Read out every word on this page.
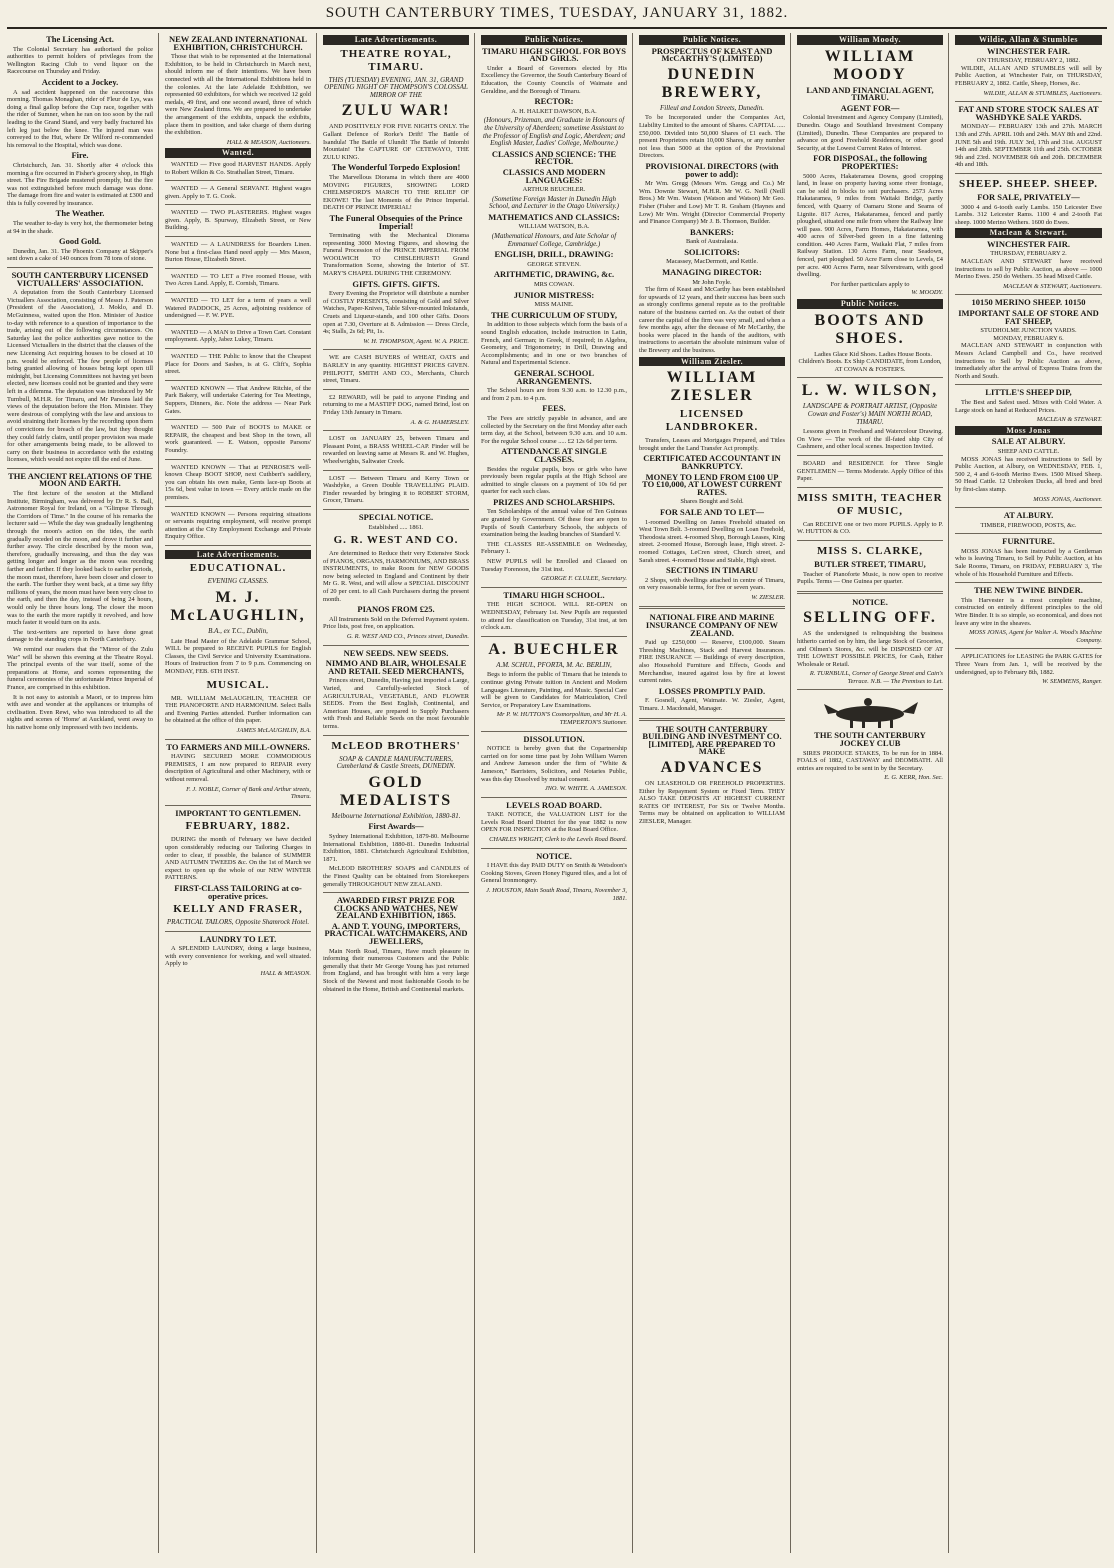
SOUTH CANTERBURY TIMES, TUESDAY, JANUARY 31, 1882.
The Licensing Act.

The Colonial Secretary has authorised the police authorities to permit holders of privileges from the Wellington Racing Club to vend liquor on the Racecourse on Thursday and Friday.

Accident to a Jockey.

A sad accident happened on the racecourse this morning. Thomas Monaghan, rider of Fleur de Lys, was doing a final gallop before the Cup race, together with the rider of Sumner, when he ran on too soon by the rail leading to the Grand Stand, and very badly fractured his left leg just below the knee. The injured man was conveyed to the Hut, where Dr Wilford re-commended his removal to the Hospital, which was done.

Fire.

Christchurch, Jan. 31. Shortly after 4 o'clock this morning a fire occurred in Fisher's grocery shop, in High street. The Fire Brigade mustered promptly, but the fire was not extinguished before much damage was done. The damage from fire and water is estimated at £300 and this is fully covered by insurance.

The Weather.

The weather to-day is very hot, the thermometer being at 94 in the shade.

Good Gold.

Dunedin, Jan. 31. The Phoenix Company at Skipper's sent down a cake of 140 ounces from 78 tons of stone.

SOUTH CANTERBURY LICENSED VICTUALLERS' ASSOCIATION.

A deputation from the South Canterbury Licensed Victuallers Association, consisting of Messrs J. Paterson (President of the Association), J. Moklo, and D. McGuinness, waited upon the Hon. Minister of Justice to-day with reference to a question of importance to the trade, arising out of the following circumstances. On Saturday last the police authorities gave notice to the Licensed Victuallers in the district that the clauses of the new Licensing Act requiring houses to be closed at 10 p.m. would be enforced. The few people of licenses being granted allowing of houses being kept open till midnight, but Licensing Committees not having yet been elected, new licenses could not be granted and they were left in a dilemma. The deputation was introduced by Mr Turnbull, M.H.R. for Timaru, and Mr Parsons laid the views of the deputation before the Hon. Minister. They were desirous of complying with the law and anxious to avoid straining their licenses by the recording upon them of convictions for breach of the law, but they thought they could fairly claim, until proper provision was made for other arrangements being made, to be allowed to carry on their business in accordance with the existing licenses, which would not expire till the end of June.

THE ANCIENT RELATIONS OF THE MOON AND EARTH.

The first lecture of the session at the Midland Institute, Birmingham, was delivered by Dr R. S. Ball, Astronomer Royal for Ireland, on a "Glimpse Through the Corridors of Time." In the course of his remarks the lecturer said — While the day was gradually lengthening through the moon's action on the tides, the earth gradually receded on the moon, and drove it further and further away. The circle described by the moon was, therefore, gradually increasing, and thus the day was getting longer and longer as the moon was receding farther and farther. If they looked back to earlier periods, the moon must, therefore, have been closer and closer to the earth. The further they went back, at a time say fifty millions of years, the moon must have been very close to the earth, and then the day, instead of being 24 hours, would only be three hours long. The closer the moon was to the earth the more rapidly it revolved, and how much faster it would turn on its axis.

The text-writers are reported to have done great damage to the standing crops in North Canterbury.

We remind our readers that the "Mirror of the Zulu War" will be shown this evening at the Theatre Royal. The principal events of the war itself, some of the preparations at Home, and scenes representing the funeral ceremonies of the unfortunate Prince Imperial of France, are comprised in this exhibition.

It is not easy to astonish a Maori, or to impress him with awe and wonder at the appliances or triumphs of civilisation. Even Rewi, who was introduced to all the sights and scenes of 'Home' at Auckland, went away to his native home only impressed with two incidents.

NEW ZEALAND INTERNATIONAL EXHIBITION, CHRISTCHURCH.

Those that wish to be represented at the International Exhibition, to be held in Christchurch in March next, should inform me of their intentions. We have been connected with all the International Exhibitions held in the colonies. At the late Adelaide Exhibition, we represented 60 exhibitors, for which we received 12 gold medals, 49 first, and one second award, three of which were New Zealand firms. We are prepared to undertake the arrangement of the exhibits, unpack the exhibits, place them in position, and take charge of them during the exhibition.

HALL & MEASON, Auctioneers.
Wanted.

WANTED — Five good HARVEST HANDS. Apply to Robert Wilkin & Co. Strathallan Street, Timaru.

WANTED — A General SERVANT. Highest wages given. Apply to T. G. Cook.

WANTED — TWO PLASTERERS. Highest wages given. Apply, B. Spurway, Elizabeth Street, or New Building.

WANTED — A LAUNDRESS for Boarders Linen. None but a first-class Hand need apply — Mrs Mason, Burton House, Elizabeth Street.

WANTED — TO LET a Five roomed House, with Two Acres Land. Apply, E. Cornish, Timaru.

WANTED — TO LET for a term of years a well Watered PADDOCK, 25 Acres, adjoining residence of undersigned — F. W. PYE.

WANTED — A MAN to Drive a Town Cart. Constant employment. Apply, Jabez Lukey, Timaru.

WANTED — THE Public to know that the Cheapest Place for Doors and Sashes, is at G. Clift's, Sophia street.

WANTED KNOWN — That Andrew Ritchie, of the Park Bakery, will undertake Catering for Tea Meetings, Suppers, Dinners, &c. Note the address — Near Park Gates.

WANTED — 500 Pair of BOOTS to MAKE or REPAIR, the cheapest and best Shop in the town, all work guaranteed. — E. Watson, opposite Parsons' Foundry.

WANTED KNOWN — That at PENROSE'S well-known Cheap BOOT SHOP, next Cuthbert's saddlery, you can obtain his own make, Gents lace-up Boots at 15s 6d, best value in town — Every article made on the premises.

WANTED KNOWN — Persons requiring situations or servants requiring employment, will receive prompt attention at the City Employment Exchange and Private Enquiry Office.

Late Advertisements.
EDUCATIONAL.
EVENING CLASSES.
M. J. McLAUGHLIN,
B.A., ex T.C., Dublin,

Late Head Master of the Adelaide Grammar School, WILL be prepared to RECEIVE PUPILS for English Classes, the Civil Service and University Examinations. Hours of Instruction from 7 to 9 p.m. Commencing on MONDAY, FEB. 6TH INST.

MUSICAL.

MR. WILLIAM McLAUGHLIN, TEACHER OF THE PIANOFORTE AND HARMONIUM. Select Balls and Evening Parties attended. Further information can be obtained at the office of this paper.

JAMES McLAUGHLIN, B.A.
TO FARMERS AND MILL-OWNERS.

HAVING SECURED MORE COMMODIOUS PREMISES, I am now prepared to REPAIR every description of Agricultural and other Machinery, with or without removal.

F. J. NOBLE, Corner of Bank and Arthur streets, Timaru.
IMPORTANT TO GENTLEMEN.
FEBRUARY, 1882.

DURING the month of February we have decided upon considerably reducing our Tailoring Charges in order to clear, if possible, the balance of SUMMER AND AUTUMN TWEEDS &c. On the 1st of March we expect to open up the whole of our NEW WINTER PATTERNS.

FIRST-CLASS TAILORING at co-operative prices.
KELLY AND FRASER,
PRACTICAL TAILORS, Opposite Shamrock Hotel.
LAUNDRY TO LET.

A SPLENDID LAUNDRY, doing a large business, with every convenience for working, and well situated. Apply to

HALL & MEASON.
Late Advertisements.
THEATRE ROYAL, TIMARU.
THIS (TUESDAY) EVENING, JAN. 31, GRAND OPENING NIGHT OF THOMPSON'S COLOSSAL MIRROR OF THE
ZULU WAR!

AND POSITIVELY FOR FIVE NIGHTS ONLY. The Gallant Defence of Rorke's Drift! The Battle of Isandula! The Battle of Ulundi! The Battle of Intombi Mountain! The CAPTURE OF CETEWAYO, THE ZULU KING.

The Wonderful Torpedo Explosion!

The Marvellous Diorama in which there are 4000 MOVING FIGURES, SHOWING LORD CHELMSFORD'S MARCH TO THE RELIEF OF EKOWE! The last Moments of the Prince Imperial. DEATH OF PRINCE IMPERIAL!

The Funeral Obsequies of the Prince Imperial!

Terminating with the Mechanical Diorama representing 3000 Moving Figures, and showing the Funeral Procession of the PRINCE IMPERIAL FROM WOOLWICH TO CHISLEHURST! Grand Transformation Scene, showing the Interior of ST. MARY'S CHAPEL DURING THE CEREMONY.

GIFTS. GIFTS. GIFTS.

Every Evening the Proprietor will distribute a number of COSTLY PRESENTS, consisting of Gold and Silver Watches, Paper-Knives, Table Silver-mounted Inkstands, Cruets and Liqueur-stands, and 100 other Gifts. Doors open at 7.30, Overture at 8. Admission — Dress Circle, 4s; Stalls, 2s 6d; Pit, 1s.

W. H. THOMPSON, Agent. W. A. PRICE.

WE are CASH BUYERS of WHEAT, OATS and BARLEY in any quantity. HIGHEST PRICES GIVEN. PHILPOTT, SMITH AND CO., Merchants, Church street, Timaru.

£2 REWARD, will be paid to anyone Finding and returning to me a MASTIFF DOG, named Brind, lost on Friday 13th January in Timaru.

A. & G. HAMERSLEY.

LOST on JANUARY 25, between Timaru and Pleasant Point, a BRASS WHEEL-CAP. Finder will be rewarded on leaving same at Messrs R. and W. Hughes, Wheelwrights, Saltwater Creek.

LOST — Between Timaru and Kerry Town or Washdyke, a Green Double TRAVELLING PLAID. Finder rewarded by bringing it to ROBERT STORM, Grocer, Timaru.

SPECIAL NOTICE.
Established ..... 1861.
G. R. WEST AND CO.

Are determined to Reduce their very Extensive Stock of PIANOS, ORGANS, HARMONIUMS, AND BRASS INSTRUMENTS, to make Room for NEW GOODS now being selected in England and Continent by their Mr G. R. West, and will allow a SPECIAL DISCOUNT of 20 per cent. to all Cash Purchasers during the present month.

PIANOS FROM £25.

All Instruments Sold on the Deferred Payment system. Price lists, post free, on application.

G. R. WEST AND CO., Princes street, Dunedin.
NEW SEEDS. NEW SEEDS.
NIMMO AND BLAIR, WHOLESALE AND RETAIL SEED MERCHANTS,

Princes street, Dunedin, Having just imported a Large, Varied, and Carefully-selected Stock of AGRICULTURAL, VEGETABLE, AND FLOWER SEEDS. From the Best English, Continental, and American Houses, are prepared to Supply Purchasers with Fresh and Reliable Seeds on the most favourable terms.

McLEOD BROTHERS'
SOAP & CANDLE MANUFACTURERS, Cumberland & Castle Streets, DUNEDIN.
GOLD MEDALISTS
Melbourne International Exhibition, 1880-81.
First Awards—

Sydney International Exhibition, 1879-80. Melbourne International Exhibition, 1880-81. Dunedin Industrial Exhibition, 1881. Christchurch Agricultural Exhibition, 1871.

McLEOD BROTHERS' SOAPS and CANDLES of the Finest Quality can be obtained from Storekeepers generally THROUGHOUT NEW ZEALAND.

AWARDED FIRST PRIZE FOR CLOCKS AND WATCHES, NEW ZEALAND EXHIBITION, 1865.
A. AND T. YOUNG, IMPORTERS, PRACTICAL WATCHMAKERS, AND JEWELLERS,

Main North Road, Timaru, Have much pleasure in informing their numerous Customers and the Public generally that their Mr George Young has just returned from England, and has brought with him a very large Stock of the Newest and most fashionable Goods to be obtained in the Home, British and Continental markets.

Public Notices.
TIMARU HIGH SCHOOL FOR BOYS AND GIRLS.

Under a Board of Governors elected by His Excellency the Governor, the South Canterbury Board of Education, the County Councils of Waimate and Geraldine, and the Borough of Timaru.

RECTOR:
A. H. HALKET DAWSON, B.A.
(Honours, Prizeman, and Graduate in Honours of the University of Aberdeen; sometime Assistant to the Professor of English and Logic, Aberdeen; and English Master, Ladies' College, Melbourne.)
CLASSICS AND SCIENCE: THE RECTOR.
CLASSICS AND MODERN LANGUAGES:
ARTHUR BEUCHLER.
(Sometime Foreign Master in Dunedin High School, and Lecturer in the Otago University.)
MATHEMATICS AND CLASSICS:
WILLIAM WATSON, B.A.
(Mathematical Honours, and late Scholar of Emmanuel College, Cambridge.)
ENGLISH, DRILL, DRAWING:
GEORGE STEVEN.
ARITHMETIC, DRAWING, &c.
MRS COWAN.
JUNIOR MISTRESS:
MISS MAINE.
THE CURRICULUM OF STUDY,

In addition to those subjects which form the basis of a sound English education, include instruction in Latin, French, and German; in Greek, if required; in Algebra, Geometry, and Trigonometry; in Drill, Drawing and Accomplishments; and in one or two branches of Natural and Experimental Science.

GENERAL SCHOOL ARRANGEMENTS.

The School hours are from 9.30 a.m. to 12.30 p.m., and from 2 p.m. to 4 p.m.

FEES.

The Fees are strictly payable in advance, and are collected by the Secretary on the first Monday after each term day, at the School, between 9.30 a.m. and 10 a.m. For the regular School course ..... £2 12s 6d per term.

ATTENDANCE AT SINGLE CLASSES.

Besides the regular pupils, boys or girls who have previously been regular pupils at the High School are admitted to single classes on a payment of 10s 6d per quarter for each such class.

PRIZES AND SCHOLARSHIPS.

Ten Scholarships of the annual value of Ten Guineas are granted by Government. Of these four are open to Pupils of South Canterbury Schools, the subjects of examination being the leading branches of Standard V.

THE CLASSES RE-ASSEMBLE on Wednesday, February 1.

NEW PUPILS will be Enrolled and Classed on Tuesday Forenoon, the 31st inst.

GEORGE F. CLULEE, Secretary.
TIMARU HIGH SCHOOL.

THE HIGH SCHOOL WILL RE-OPEN on WEDNESDAY, February 1st. New Pupils are requested to attend for classification on Tuesday, 31st inst, at ten o'clock a.m.

A. BUECHLER
A.M. SCHUL, PFORTA, M. Ac. BERLIN,

Begs to inform the public of Timaru that he intends to continue giving Private tuition in Ancient and Modern Languages Literature, Painting, and Music. Special Care will be given to Candidates for Matriculation, Civil Service, or Preparatory Law Examinations.

Mr P. W. HUTTON'S Cosmorpolitan, and Mr H. A. TEMPERTON'S Stationer.
DISSOLUTION.

NOTICE is hereby given that the Copartnership carried on for some time past by John William Warren and Andrew Jameson under the firm of "White & Jameson," Barristers, Solicitors, and Notaries Public, was this day Dissolved by mutual consent.

JNO. W. WHITE. A. JAMESON.
LEVELS ROAD BOARD.

TAKE NOTICE, the VALUATION LIST for the Levels Road Board District for the year 1882 is now OPEN FOR INSPECTION at the Road Board Office.

CHARLES WRIGHT, Clerk to the Levels Road Board.
NOTICE.

I HAVE this day PAID DUTY on Smith & Wetsdoon's Cooking Stoves, Green Honey Figured tiles, and a lot of General Ironmongery.

J. HOUSTON, Main South Road, Timaru, November 3, 1881.
Public Notices.
PROSPECTUS OF KEAST AND McCARTHY'S (LIMITED)
DUNEDIN BREWERY,
Filleul and London Streets, Dunedin.

To be Incorporated under the Companies Act, Liability Limited to the amount of Shares. CAPITAL ..... £50,000. Divided into 50,000 Shares of £1 each. The present Proprietors retain 10,000 Shares, or any number not less than 5000 at the option of the Provisional Directors.

PROVISIONAL DIRECTORS (with power to add):

Mr Wm. Gregg (Messrs Wm. Gregg and Co.) Mr Wm. Downie Stewart, M.H.R. Mr W. G. Neill (Neill Bros.) Mr Wm. Watson (Watson and Watson) Mr Geo. Fisher (Fisher and Low) Mr T. R. Graham (Haynes and Low) Mr Wm. Wright (Director Commercial Property and Finance Company) Mr J. B. Thomson, Builder.

BANKERS:
Bank of Australasia.
SOLICITORS:
Macassey, MacDermott, and Kettle.
MANAGING DIRECTOR:
Mr John Foyle.

The firm of Keast and McCarthy has been established for upwards of 12 years, and their success has been such as strongly confirms general repute as to the profitable nature of the business carried on. As the outset of their career the capital of the firm was very small, and when a few months ago, after the decease of Mr McCarthy, the books were placed in the hands of the auditors, with instructions to ascertain the absolute minimum value of the Brewery and the business.

William Ziesler.
WILLIAM ZIESLER
LICENSED LANDBROKER.

Transfers, Leases and Mortgages Prepared, and Titles brought under the Land Transfer Act promptly.

CERTIFICATED ACCOUNTANT IN BANKRUPTCY.
MONEY TO LEND FROM £100 UP TO £10,000, AT LOWEST CURRENT RATES.
Shares Bought and Sold.
FOR SALE AND TO LET—

1-roomed Dwelling on James Freehold situated on West Town Belt. 3-roomed Dwelling on Loan Freehold, Theodosia street. 4-roomed Shop, Borough Leases, King street. 2-roomed House, Borough lease, High street. 2-roomed Cottages, LeCren street, Church street, and Sarah street. 4-roomed House and Stable, High street.

SECTIONS IN TIMARU

2 Shops, with dwellings attached in centre of Timaru, on very reasonable terms, for five or seven years.

W. ZIESLER.
NATIONAL FIRE AND MARINE INSURANCE COMPANY OF NEW ZEALAND.

Paid up £250,000 — Reserve, £100,000. Steam Threshing Machines, Stack and Harvest Insurances. FIRE INSURANCE — Buildings of every description, also Household Furniture and Effects, Goods and Merchandise, insured against loss by fire at lowest current rates.

LOSSES PROMPTLY PAID.

F. Gosnell, Agent, Waimate. W. Ziesler, Agent, Timaru. J. Macdonald, Manager.

THE SOUTH CANTERBURY BUILDING AND INVESTMENT CO. [LIMITED], ARE PREPARED TO MAKE
ADVANCES

ON LEASEHOLD OR FREEHOLD PROPERTIES. Either by Repayment System or Fixed Term. THEY ALSO TAKE DEPOSITS AT HIGHEST CURRENT RATES OF INTEREST, For Six or Twelve Months. Terms may be obtained on application to WILLIAM ZIESLER, Manager.

William Moody.
WILLIAM MOODY
LAND AND FINANCIAL AGENT, TIMARU.
AGENT FOR—

Colonial Investment and Agency Company (Limited), Dunedin. Otago and Southland Investment Company (Limited), Dunedin. These Companies are prepared to advance on good Freehold Residences, or other good Security, at the Lowest Current Rates of Interest.

FOR DISPOSAL, the following PROPERTIES:

5000 Acres, Hakateramea Downs, good cropping land, in lease on property having some river frontage, can be sold in blocks to suit purchasers. 2573 Acres Hakataramea, 9 miles from Waitaki Bridge, partly fenced, with Quarry of Oamaru Stone and Seams of Lignite. 817 Acres, Hakataramea, fenced and partly ploughed, situated one mile from where the Railway line will pass. 900 Acres, Farm Homes, Hakataramea, with 400 acres of Silver-bed green in a fine fattening condition. 440 Acres Farm, Waikaki Flat, 7 miles from Railway Station. 130 Acres Farm, near Seadown, fenced, part ploughed. 50 Acre Farm close to Levels, £4 per acre. 400 Acres Farm, near Silverstream, with good dwelling.

For further particulars apply to
W. MOODY.
Public Notices.
BOOTS AND SHOES.

Ladies Glace Kid Shoes. Ladies House Boots. Children's Boots. Ex Ship CANDIDATE, from London, AT COWAN & FOSTER'S.

L. W. WILSON,
LANDSCAPE & PORTRAIT ARTIST, (Opposite Cowan and Foster's) MAIN NORTH ROAD, TIMARU.

Lessons given in Freehand and Watercolour Drawing. On View — The work of the ill-fated ship City of Cashmere, and other local scenes. Inspection Invited.

BOARD and RESIDENCE for Three Single GENTLEMEN — Terms Moderate. Apply Office of this Paper.

MISS SMITH, TEACHER OF MUSIC,

Can RECEIVE one or two more PUPILS. Apply to P. W. HUTTON & CO.

MISS S. CLARKE,
BUTLER STREET, TIMARU,

Teacher of Pianoforte Music, is now open to receive Pupils. Terms — One Guinea per quarter.

NOTICE.
SELLING OFF.

AS the undersigned is relinquishing the business hitherto carried on by him, the large Stock of Groceries, and Oilmen's Stores, &c. will be DISPOSED OF AT THE LOWEST POSSIBLE PRICES, for Cash, Either Wholesale or Retail.

R. TURNBULL, Corner of George Street and Cain's Terrace. N.B. — The Premises to Let.
THE SOUTH CANTERBURY JOCKEY CLUB

SIRES PRODUCE STAKES, To be run for in 1884. FOALS of 1882, CASTAWAY and DEOMBATH. All entries are required to be sent in by the Secretary.

E. G. KERR, Hon. Sec.
Wildie, Allan & Stumbles
WINCHESTER FAIR.
ON THURSDAY, FEBRUARY 2, 1882.

WILDIE, ALLAN AND STUMBLES will sell by Public Auction, at Winchester Fair, on THURSDAY, FEBRUARY 2, 1882. Cattle, Sheep, Horses, &c.

WILDIE, ALLAN & STUMBLES, Auctioneers.
FAT AND STORE STOCK SALES AT WASHDYKE SALE YARDS.

MONDAY— FEBRUARY 13th and 27th. MARCH 13th and 27th. APRIL 10th and 24th. MAY 8th and 22nd. JUNE 5th and 19th. JULY 3rd, 17th and 31st. AUGUST 14th and 28th. SEPTEMBER 11th and 25th. OCTOBER 9th and 23rd. NOVEMBER 6th and 20th. DECEMBER 4th and 18th.

SHEEP. SHEEP. SHEEP.
FOR SALE, PRIVATELY—

3000 4 and 6-tooth early Lambs. 150 Leicester Ewe Lambs. 312 Leicester Rams. 1100 4 and 2-tooth Fat sheep. 1000 Merino Wethers. 1600 do Ewes.

Maclean & Stewart.
WINCHESTER FAIR.
THURSDAY, FEBRUARY 2.

MACLEAN AND STEWART have received instructions to sell by Public Auction, as above — 1000 Merino Ewes. 250 do Wethers. 35 head Mixed Cattle.

MACLEAN & STEWART, Auctioneers.
10150 MERINO SHEEP. 10150
IMPORTANT SALE OF STORE AND FAT SHEEP,
STUDHOLME JUNCTION YARDS.
MONDAY, FEBRUARY 6.

MACLEAN AND STEWART in conjunction with Messrs Acland Campbell and Co., have received instructions to Sell by Public Auction as above, immediately after the arrival of Express Trains from the North and South.

LITTLE'S SHEEP DIP,

The Best and Safest used. Mixes with Cold Water. A Large stock on hand at Reduced Prices.

MACLEAN & STEWART.
Moss Jonas
SALE AT ALBURY.
SHEEP AND CATTLE.

MOSS JONAS has received instructions to Sell by Public Auction, at Albury, on WEDNESDAY, FEB. 1, 500 2, 4 and 6-tooth Merino Ewes. 1500 Mixed Sheep. 50 Head Cattle. 12 Unbroken Ducks, all bred and bred by first-class stamp.

MOSS JONAS, Auctioneer.
AT ALBURY.
TIMBER, FIREWOOD, POSTS, &c.
FURNITURE.

MOSS JONAS has been instructed by a Gentleman who is leaving Timaru, to Sell by Public Auction, at his Sale Rooms, Timaru, on FRIDAY, FEBRUARY 3, The whole of his Household Furniture and Effects.

THE NEW TWINE BINDER.

This Harvester is a most complete machine, constructed on entirely different principles to the old Wire Binder. It is so simple, so economical, and does not leave any wire in the sheaves.

MOSS JONAS, Agent for Walter A. Wood's Machine Company.

APPLICATIONS for LEASING the PARK GATES for Three Years from Jan. 1, will be received by the undersigned, up to February 8th, 1882.

W. SEMMENS, Ranger.
